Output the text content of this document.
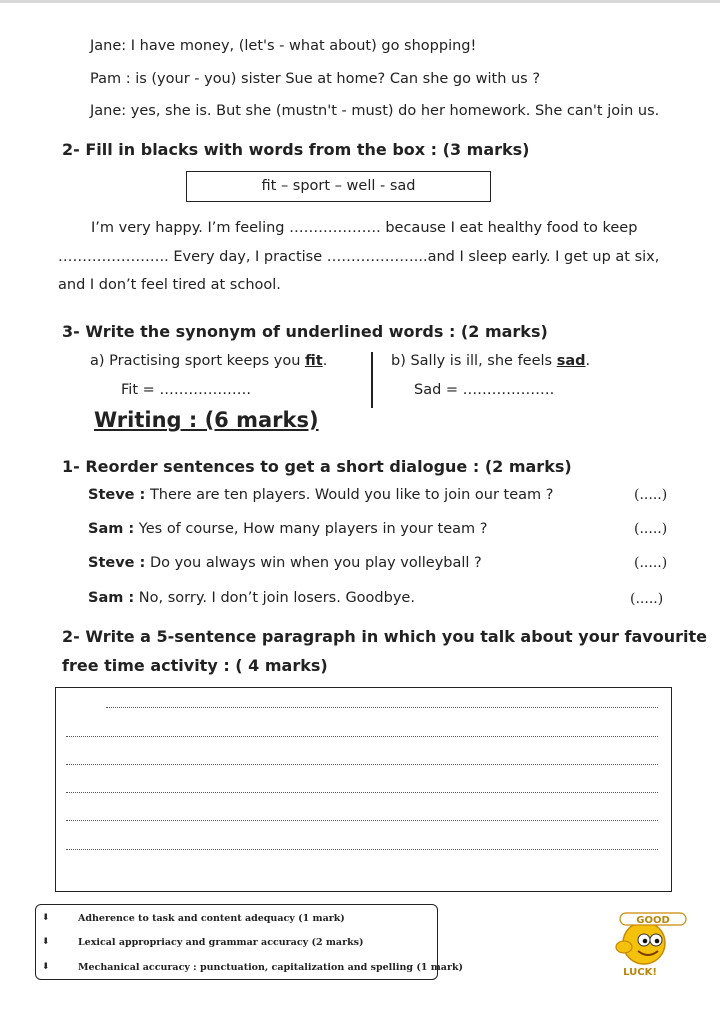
Jane: I have money, (let's - what about) go shopping!
Pam : is (your - you) sister Sue at home? Can she go with us ?
Jane: yes, she is. But she (mustn't - must) do her homework. She can't join us.
2- Fill in blacks with words from the box : (3 marks)
fit – sport – well - sad
I’m very happy. I’m feeling ………………. because I eat healthy food to keep
………………….. Every day, I practise ………………...and I sleep early. I get up at six,
and I don’t feel tired at school.
3- Write the synonym of underlined words : (2 marks)
a) Practising sport keeps you fit.
Fit = ……………….
b) Sally is ill, she feels sad.
Sad = ……………….
Writing : (6 marks)
1- Reorder sentences to get a short dialogue : (2 marks)
Steve : There are ten players. Would you like to join our team ?	(.....)
Sam : Yes of course, How many players in your team ?	(.....)
Steve : Do you always win when you play volleyball ?	(.....)
Sam : No, sorry. I don’t join losers. Goodbye.	(.....)
2- Write a 5-sentence paragraph in which you talk about your favourite
free time activity : ( 4 marks)
⬇	Adherence to task and content adequacy (1 mark)
⬇	Lexical appropriacy and grammar accuracy (2 marks)
⬇	Mechanical accuracy : punctuation, capitalization and spelling (1 mark)
GOOD
LUCK!
